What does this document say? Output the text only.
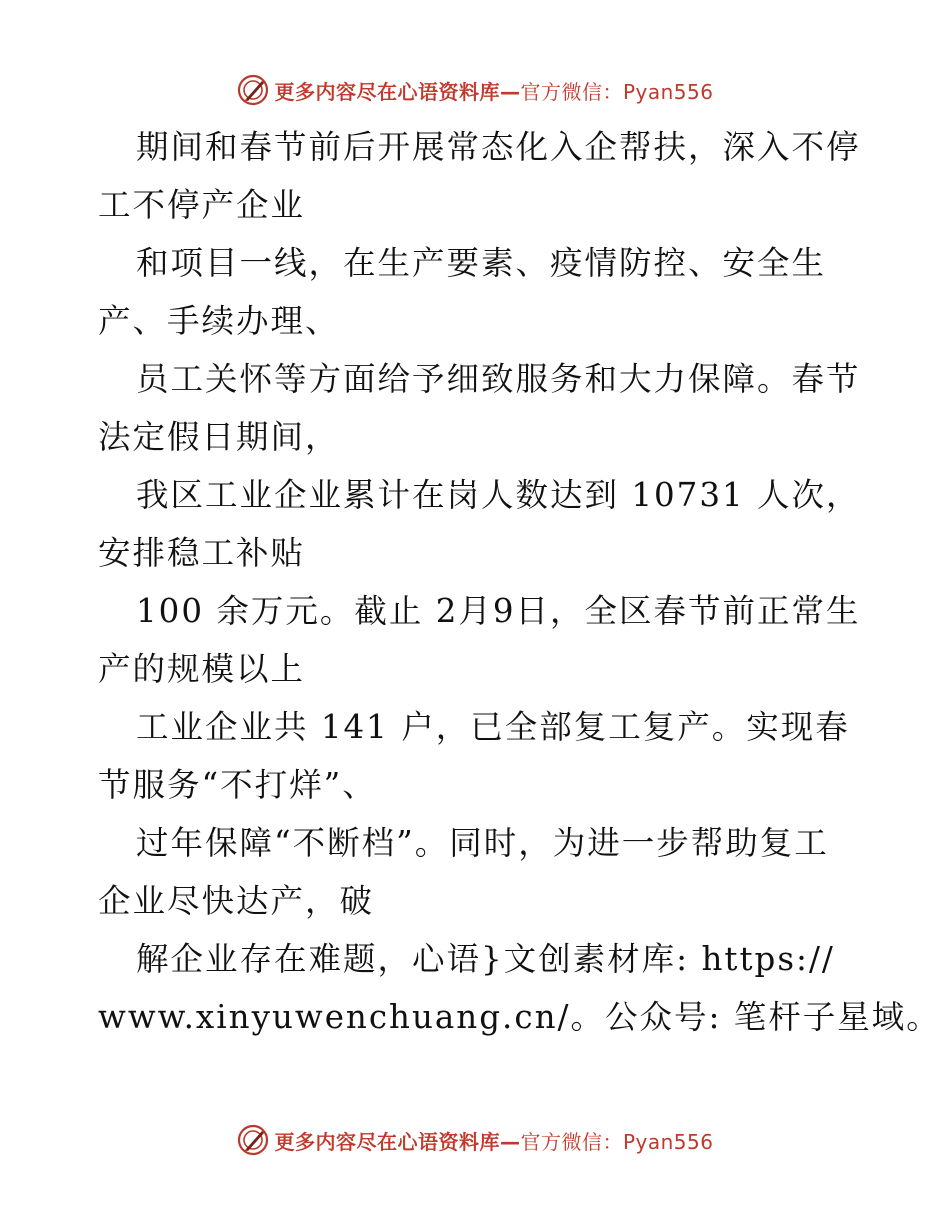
更多内容尽在心语资料库—官方微信：Pyan556
期间和春节前后开展常态化入企帮扶，深入不停
工不停产企业
和项目一线，在生产要素、疫情防控、安全生
产、手续办理、
员工关怀等方面给予细致服务和大力保障。春节
法定假日期间，
我区工业企业累计在岗人数达到 10731 人次，
安排稳工补贴
100 余万元。截止 2月9日，全区春节前正常生
产的规模以上
工业企业共 141 户，已全部复工复产。实现春
节服务“不打烊”、
过年保障“不断档”。同时，为进一步帮助复工
企业尽快达产，破
解企业存在难题，心语}文创素材库: https://
www.xinyuwenchuang.cn/。公众号: 笔杆子星域。
更多内容尽在心语资料库—官方微信：Pyan556
